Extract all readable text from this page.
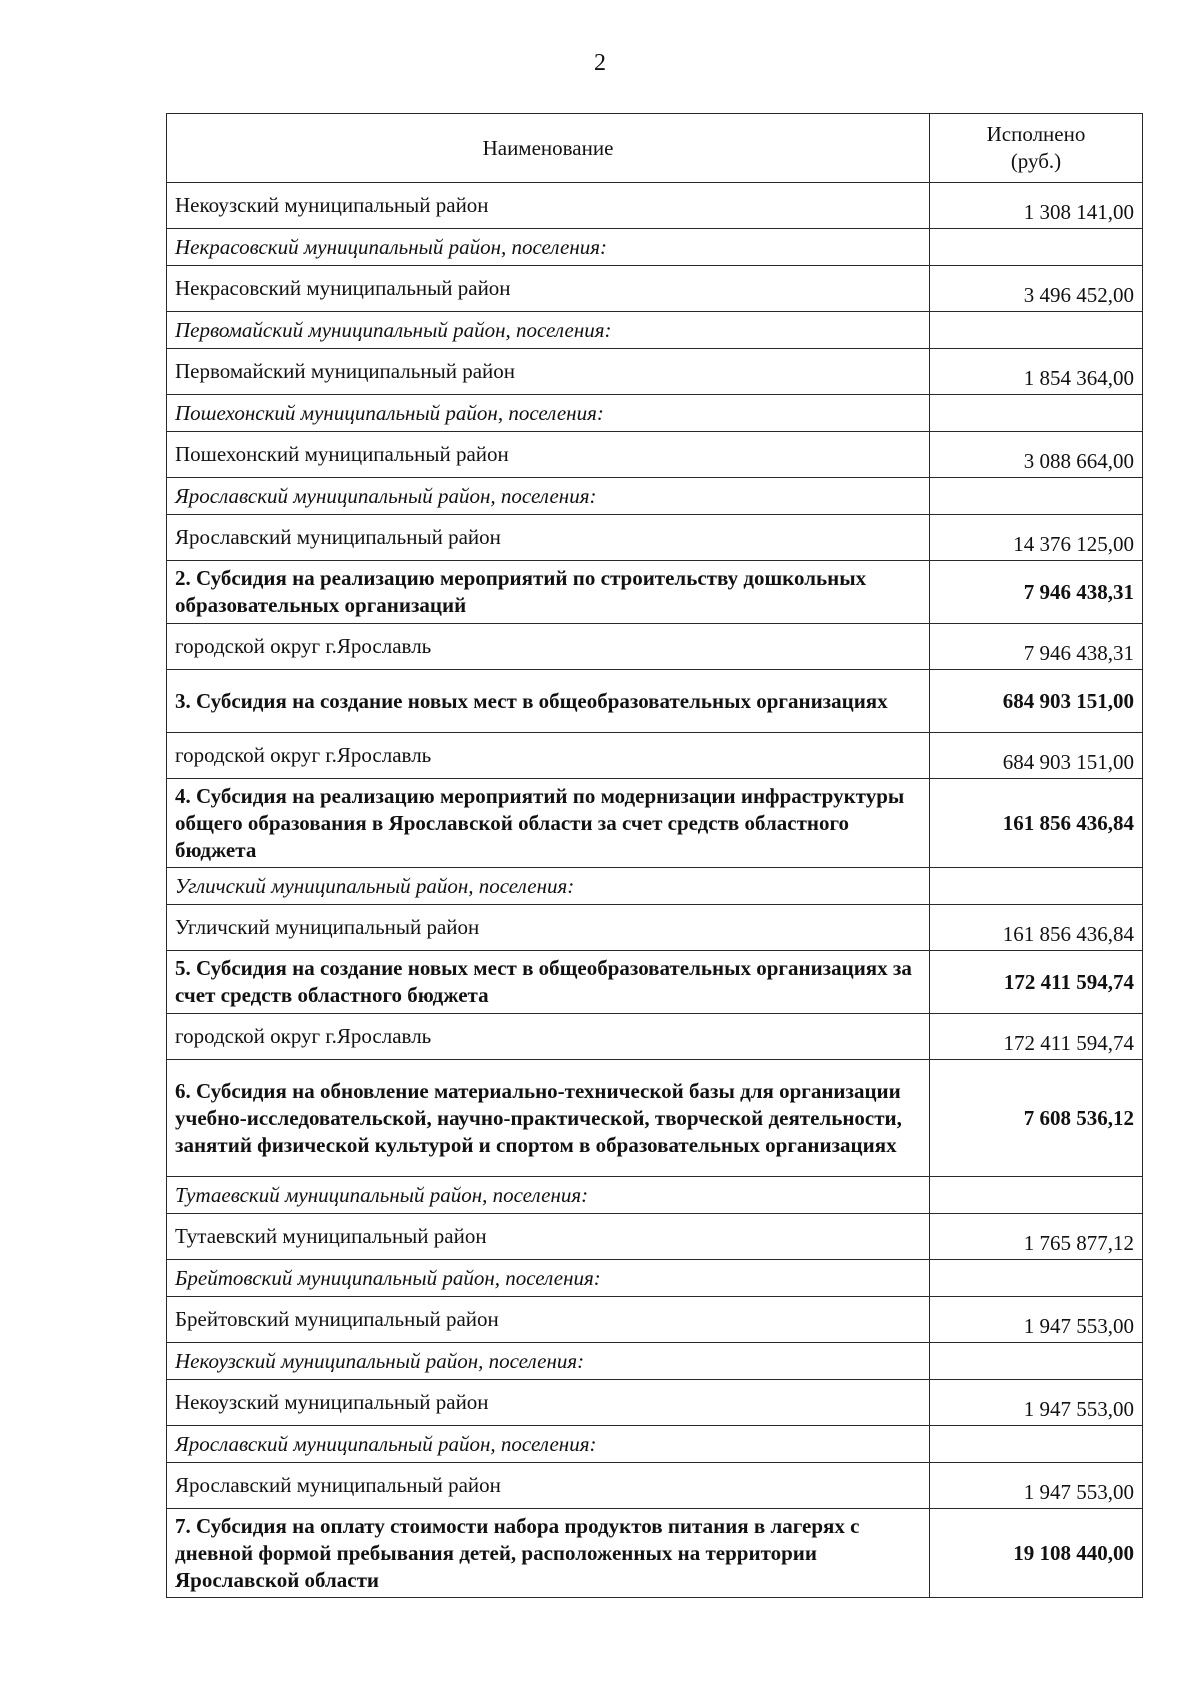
2
Наименование	Исполнено
(руб.)
Некоузский муниципальный район	1 308 141,00
Некрасовский муниципальный район, поселения:	
Некрасовский муниципальный район	3 496 452,00
Первомайский муниципальный район, поселения:	
Первомайский муниципальный район	1 854 364,00
Пошехонский муниципальный район, поселения:	
Пошехонский муниципальный район	3 088 664,00
Ярославский муниципальный район, поселения:	
Ярославский муниципальный район	14 376 125,00
2. Субсидия на реализацию мероприятий по строительству дошкольных образовательных организаций	7 946 438,31
городской округ г.Ярославль	7 946 438,31
3. Субсидия на создание новых мест в общеобразовательных организациях	684 903 151,00
городской округ г.Ярославль	684 903 151,00
4. Субсидия на реализацию мероприятий по модернизации инфраструктуры общего образования в Ярославской области за счет средств областного бюджета	161 856 436,84
Угличский муниципальный район, поселения:	
Угличский муниципальный район	161 856 436,84
5. Субсидия на создание новых мест в общеобразовательных организациях за счет средств областного бюджета	172 411 594,74
городской округ г.Ярославль	172 411 594,74
6. Субсидия на обновление материально-технической базы для организации учебно-исследовательской, научно-практической, творческой деятельности, занятий физической культурой и спортом в образовательных организациях	7 608 536,12
Тутаевский муниципальный район, поселения:	
Тутаевский муниципальный район	1 765 877,12
Брейтовский муниципальный район, поселения:	
Брейтовский муниципальный район	1 947 553,00
Некоузский муниципальный район, поселения:	
Некоузский муниципальный район	1 947 553,00
Ярославский муниципальный район, поселения:	
Ярославский муниципальный район	1 947 553,00
7. Субсидия на оплату стоимости набора продуктов питания в лагерях с дневной формой пребывания детей, расположенных на территории Ярославской области	19 108 440,00
